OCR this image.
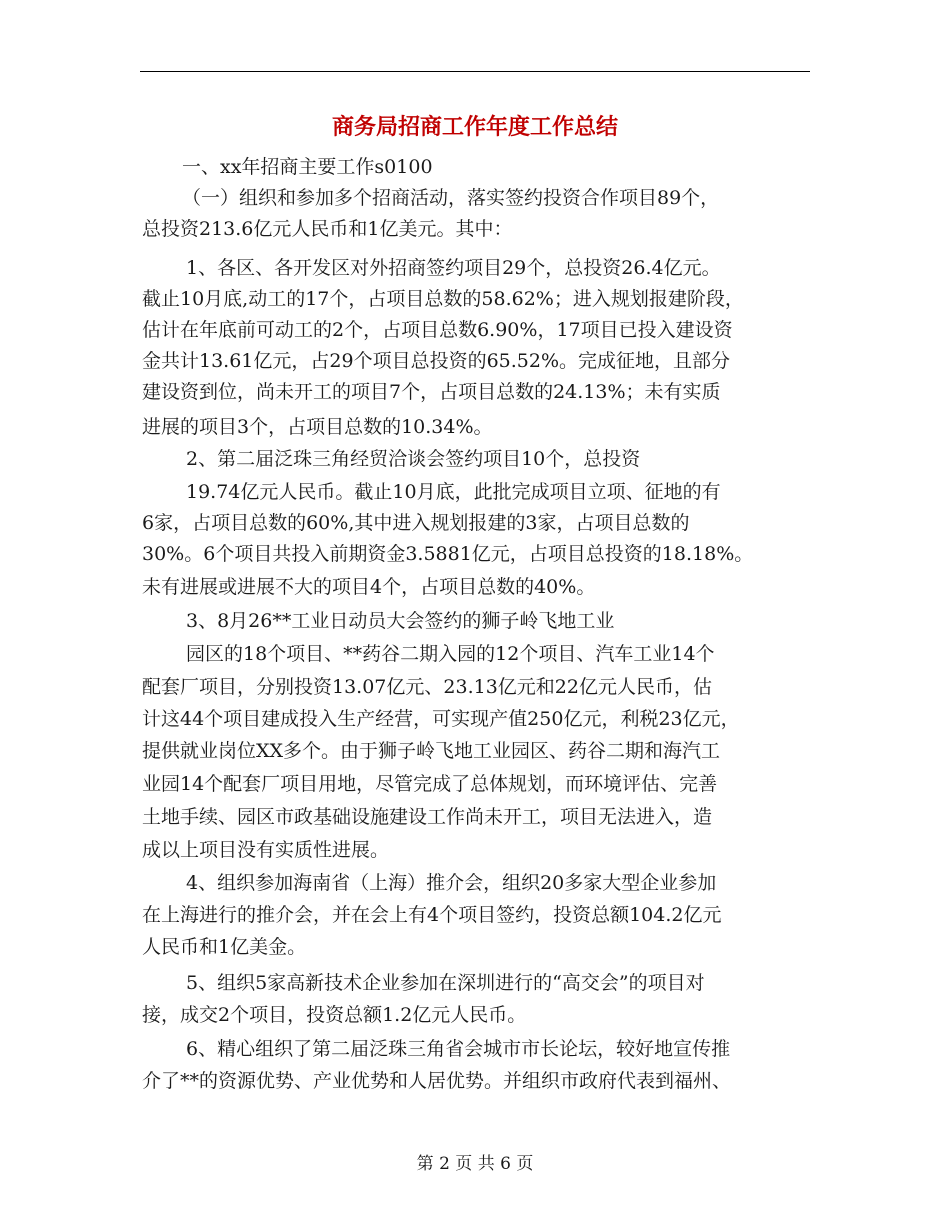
商务局招商工作年度工作总结

一、xx年招商主要工作s0100

（一）组织和参加多个招商活动，落实签约投资合作项目89个，

总投资213.6亿元人民币和1亿美元。其中：

1、各区、各开发区对外招商签约项目29个，总投资26.4亿元。

截止10月底,动工的17个，占项目总数的58.62%；进入规划报建阶段，

估计在年底前可动工的2个，占项目总数6.90%，17项目已投入建设资

金共计13.61亿元，占29个项目总投资的65.52%。完成征地，且部分

建设资到位，尚未开工的项目7个，占项目总数的24.13%；未有实质

进展的项目3个，占项目总数的10.34%。

2、第二届泛珠三角经贸洽谈会签约项目10个，总投资

19.74亿元人民币。截止10月底，此批完成项目立项、征地的有

6家，占项目总数的60%,其中进入规划报建的3家，占项目总数的

30%。6个项目共投入前期资金3.5881亿元，占项目总投资的18.18%。

未有进展或进展不大的项目4个，占项目总数的40%。

3、8月26**工业日动员大会签约的狮子岭飞地工业

园区的18个项目、**药谷二期入园的12个项目、汽车工业14个

配套厂项目，分别投资13.07亿元、23.13亿元和22亿元人民币，估

计这44个项目建成投入生产经营，可实现产值250亿元，利税23亿元，

提供就业岗位XX多个。由于狮子岭飞地工业园区、药谷二期和海汽工

业园14个配套厂项目用地，尽管完成了总体规划，而环境评估、完善

土地手续、园区市政基础设施建设工作尚未开工，项目无法进入，造

成以上项目没有实质性进展。

4、组织参加海南省（上海）推介会，组织20多家大型企业参加

在上海进行的推介会，并在会上有4个项目签约，投资总额104.2亿元

人民币和1亿美金。

5、组织5家高新技术企业参加在深圳进行的“高交会”的项目对

接，成交2个项目，投资总额1.2亿元人民币。

6、精心组织了第二届泛珠三角省会城市市长论坛，较好地宣传推

介了**的资源优势、产业优势和人居优势。并组织市政府代表到福州、

第 2 页 共 6 页
